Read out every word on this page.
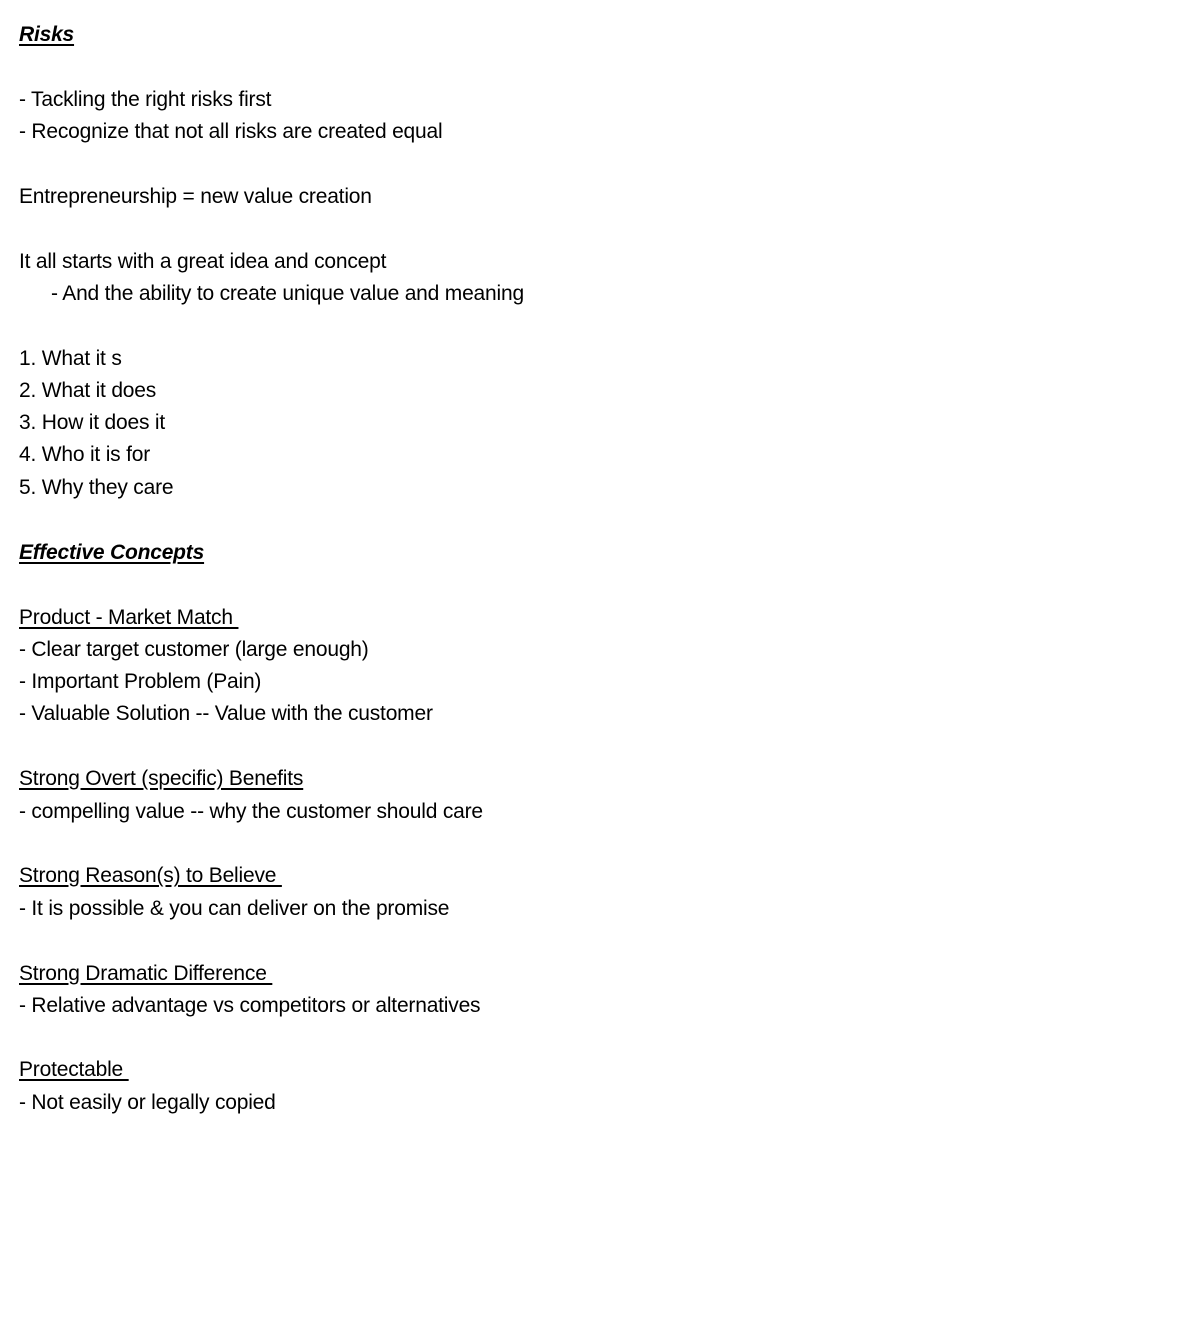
Risks
- Tackling the right risks first
- Recognize that not all risks are created equal
Entrepreneurship = new value creation
It all starts with a great idea and concept
- And the ability to create unique value and meaning
1. What it s
2. What it does
3. How it does it
4. Who it is for
5. Why they care
Effective Concepts
Product - Market Match
- Clear target customer (large enough)
- Important Problem (Pain)
- Valuable Solution -- Value with the customer
Strong Overt (specific) Benefits
- compelling value -- why the customer should care
Strong Reason(s) to Believe
- It is possible & you can deliver on the promise
Strong Dramatic Difference
- Relative advantage vs competitors or alternatives
Protectable
- Not easily or legally copied
